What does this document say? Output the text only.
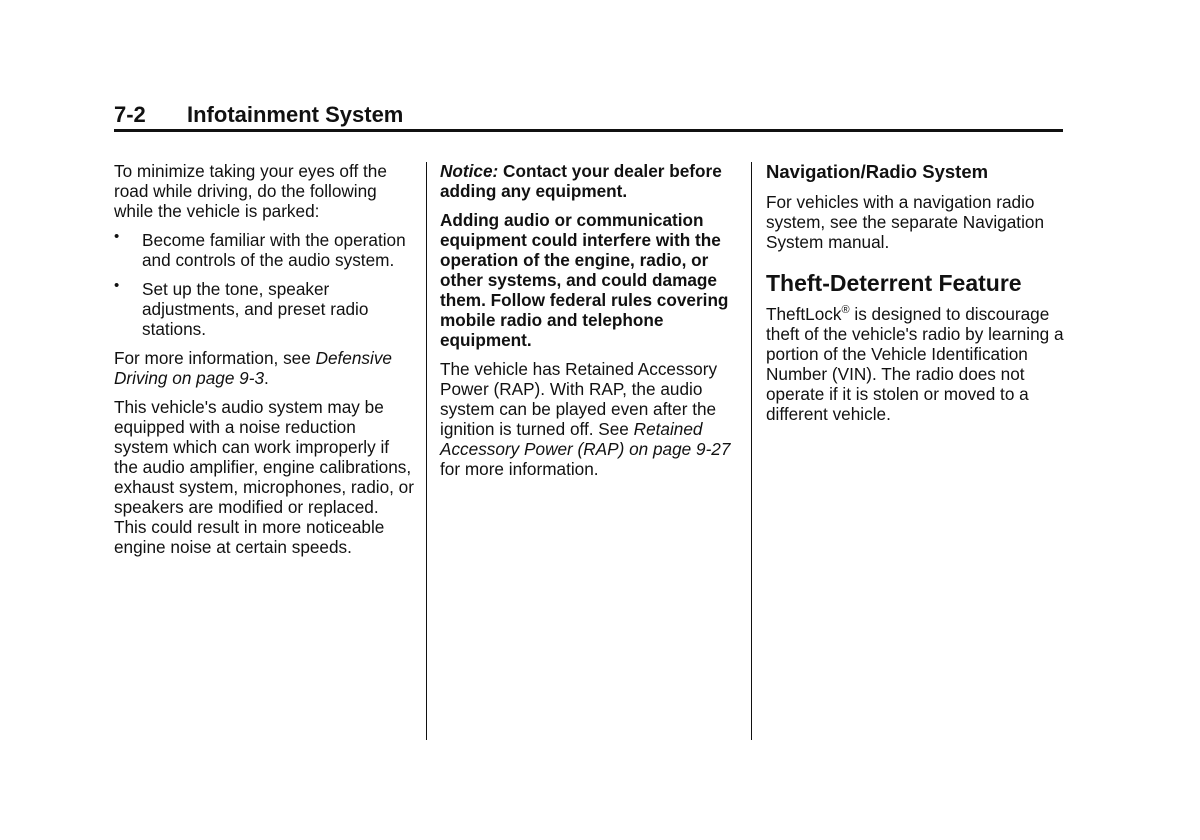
7-2 Infotainment System

To minimize taking your eyes off the road while driving, do the following while the vehicle is parked:

• Become familiar with the operation and controls of the audio system.
• Set up the tone, speaker adjustments, and preset radio stations.

For more information, see Defensive Driving on page 9-3.

This vehicle's audio system may be equipped with a noise reduction system which can work improperly if the audio amplifier, engine calibrations, exhaust system, microphones, radio, or speakers are modified or replaced. This could result in more noticeable engine noise at certain speeds.

Notice: Contact your dealer before adding any equipment.

Adding audio or communication equipment could interfere with the operation of the engine, radio, or other systems, and could damage them. Follow federal rules covering mobile radio and telephone equipment.

The vehicle has Retained Accessory Power (RAP). With RAP, the audio system can be played even after the ignition is turned off. See Retained Accessory Power (RAP) on page 9-27 for more information.

Navigation/Radio System

For vehicles with a navigation radio system, see the separate Navigation System manual.

Theft-Deterrent Feature

TheftLock® is designed to discourage theft of the vehicle's radio by learning a portion of the Vehicle Identification Number (VIN). The radio does not operate if it is stolen or moved to a different vehicle.
